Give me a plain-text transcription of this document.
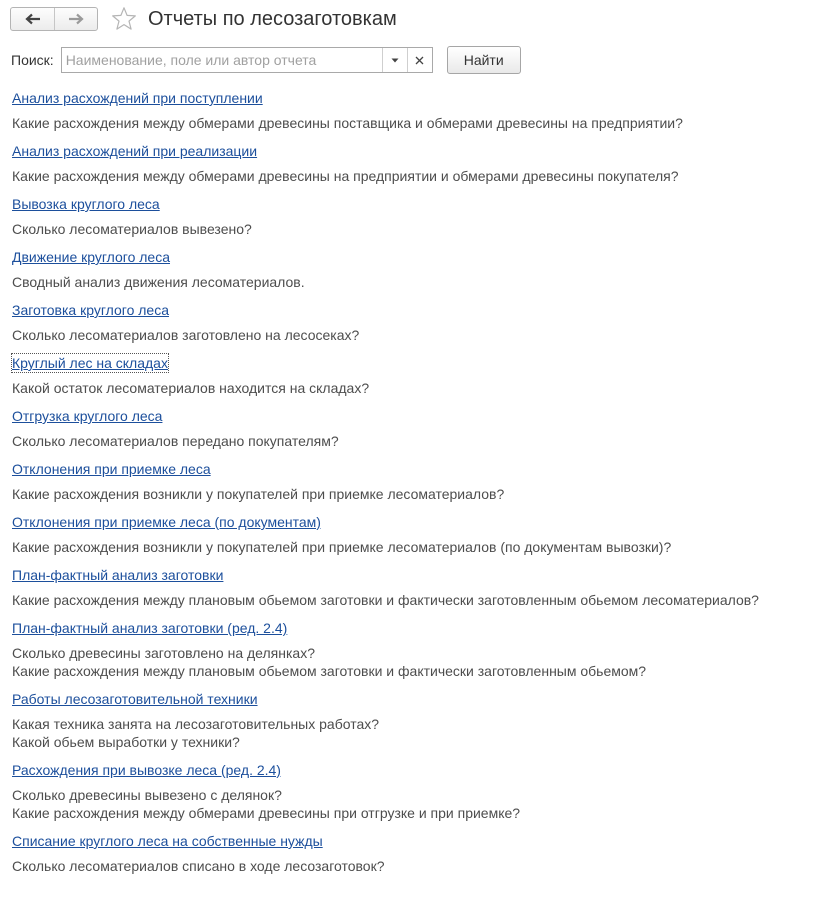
Отчеты по лесозаготовкам
Поиск:
Наименование, поле или автор отчета	Найти
Анализ расхождений при поступлении
Какие расхождения между обмерами древесины поставщика и обмерами древесины на предприятии?
Анализ расхождений при реализации
Какие расхождения между обмерами древесины на предприятии и обмерами древесины покупателя?
Вывозка круглого леса
Сколько лесоматериалов вывезено?
Движение круглого леса
Сводный анализ движения лесоматериалов.
Заготовка круглого леса
Сколько лесоматериалов заготовлено на лесосеках?
Круглый лес на складах
Какой остаток лесоматериалов находится на складах?
Отгрузка круглого леса
Сколько лесоматериалов передано покупателям?
Отклонения при приемке леса
Какие расхождения возникли у покупателей при приемке лесоматериалов?
Отклонения при приемке леса (по документам)
Какие расхождения возникли у покупателей при приемке лесоматериалов (по документам вывозки)?
План-фактный анализ заготовки
Какие расхождения между плановым обьемом заготовки и фактически заготовленным обьемом лесоматериалов?
План-фактный анализ заготовки (ред. 2.4)
Сколько древесины заготовлено на делянках?
Какие расхождения между плановым обьемом заготовки и фактически заготовленным обьемом?
Работы лесозаготовительной техники
Какая техника занята на лесозаготовительных работах?
Какой обьем выработки у техники?
Расхождения при вывозке леса (ред. 2.4)
Сколько древесины вывезено с делянок?
Какие расхождения между обмерами древесины при отгрузке и при приемке?
Списание круглого леса на собственные нужды
Сколько лесоматериалов списано в ходе лесозаготовок?
